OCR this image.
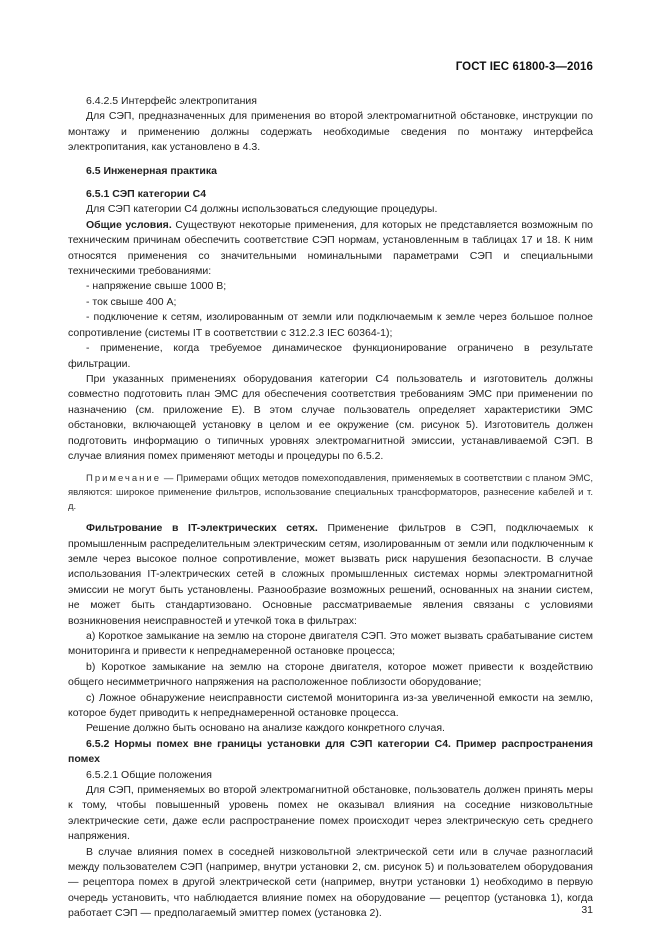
ГОСТ IEC 61800-3—2016
6.4.2.5 Интерфейс электропитания

Для СЭП, предназначенных для применения во второй электромагнитной обстановке, инструкции по монтажу и применению должны содержать необходимые сведения по монтажу интерфейса электропитания, как установлено в 4.3.

6.5 Инженерная практика
6.5.1 СЭП категории С4

Для СЭП категории С4 должны использоваться следующие процедуры.

Общие условия. Существуют некоторые применения, для которых не представляется возможным по техническим причинам обеспечить соответствие СЭП нормам, установленным в таблицах 17 и 18. К ним относятся применения со значительными номинальными параметрами СЭП и специальными техническими требованиями:

- напряжение свыше 1000 В;

- ток свыше 400 А;

- подключение к сетям, изолированным от земли или подключаемым к земле через большое полное сопротивление (системы IT в соответствии с 312.2.3 IEC 60364-1);

- применение, когда требуемое динамическое функционирование ограничено в результате фильтрации.

При указанных применениях оборудования категории С4 пользователь и изготовитель должны совместно подготовить план ЭМС для обеспечения соответствия требованиям ЭМС при применении по назначению (см. приложение Е). В этом случае пользователь определяет характеристики ЭМС обстановки, включающей установку в целом и ее окружение (см. рисунок 5). Изготовитель должен подготовить информацию о типичных уровнях электромагнитной эмиссии, устанавливаемой СЭП. В случае влияния помех применяют методы и процедуры по 6.5.2.

Примечание — Примерами общих методов помехоподавления, применяемых в соответствии с планом ЭМС, являются: широкое применение фильтров, использование специальных трансформаторов, разнесение кабелей и т. д.

Фильтрование в IT-электрических сетях. Применение фильтров в СЭП, подключаемых к промышленным распределительным электрическим сетям, изолированным от земли или подключенным к земле через высокое полное сопротивление, может вызвать риск нарушения безопасности. В случае использования IT-электрических сетей в сложных промышленных системах нормы электромагнитной эмиссии не могут быть установлены. Разнообразие возможных решений, основанных на знании систем, не может быть стандартизовано. Основные рассматриваемые явления связаны с условиями возникновения неисправностей и утечкой тока в фильтрах:

а) Короткое замыкание на землю на стороне двигателя СЭП. Это может вызвать срабатывание систем мониторинга и привести к непреднамеренной остановке процесса;

b) Короткое замыкание на землю на стороне двигателя, которое может привести к воздействию общего несимметричного напряжения на расположенное поблизости оборудование;

с) Ложное обнаружение неисправности системой мониторинга из-за увеличенной емкости на землю, которое будет приводить к непреднамеренной остановке процесса.

Решение должно быть основано на анализе каждого конкретного случая.

6.5.2 Нормы помех вне границы установки для СЭП категории С4. Пример распространения помех

6.5.2.1 Общие положения

Для СЭП, применяемых во второй электромагнитной обстановке, пользователь должен принять меры к тому, чтобы повышенный уровень помех не оказывал влияния на соседние низковольтные электрические сети, даже если распространение помех происходит через электрическую сеть среднего напряжения.

В случае влияния помех в соседней низковольтной электрической сети или в случае разногласий между пользователем СЭП (например, внутри установки 2, см. рисунок 5) и пользователем оборудования — рецептора помех в другой электрической сети (например, внутри установки 1) необходимо в первую очередь установить, что наблюдается влияние помех на оборудование — рецептор (установка 1), когда работает СЭП — предполагаемый эмиттер помех (установка 2).	31
